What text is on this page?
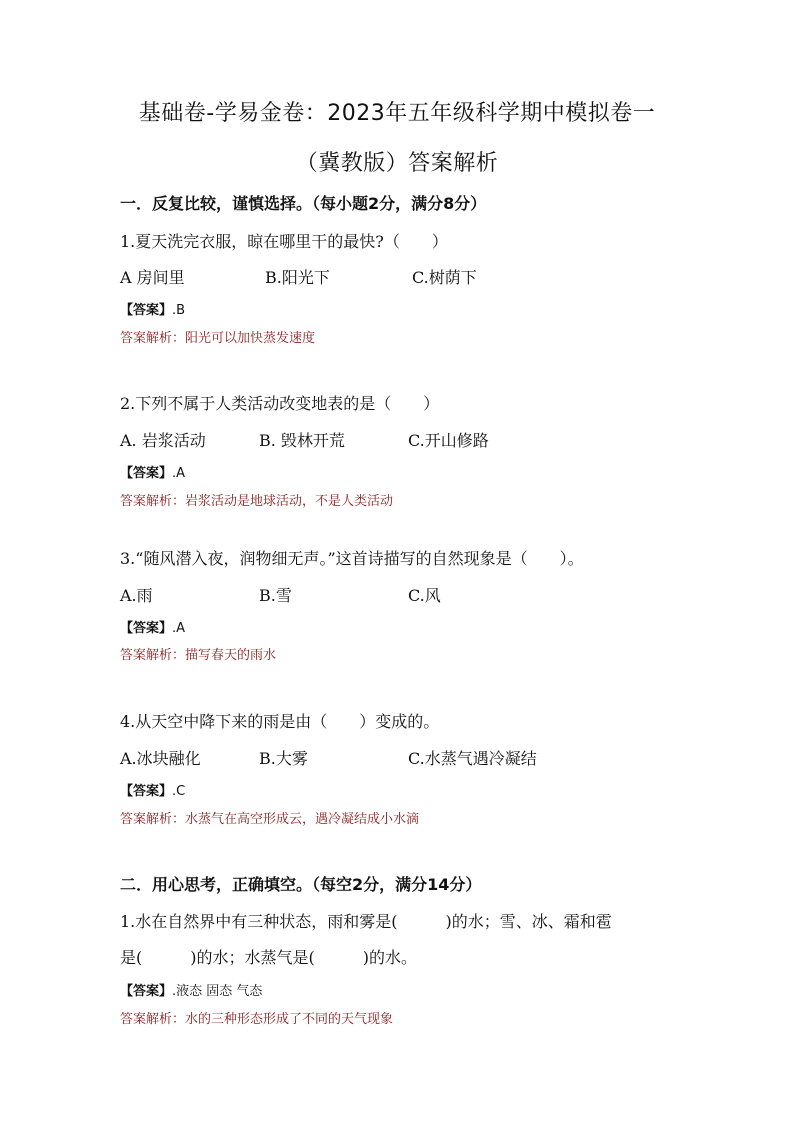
基础卷-学易金卷：2023年五年级科学期中模拟卷一
（冀教版）答案解析
一．反复比较，谨慎选择。（每小题2分，满分8分）
1.夏天洗完衣服，晾在哪里干的最快?（　　）
A 房间里	B.阳光下	C.树荫下
【答案】.B
答案解析：阳光可以加快蒸发速度
2.下列不属于人类活动改变地表的是（　　）
A. 岩浆活动	B. 毁林开荒	C.开山修路
【答案】.A
答案解析：岩浆活动是地球活动，不是人类活动
3.“随风潜入夜，润物细无声。”这首诗描写的自然现象是（　　）。
A.雨	B.雪	C.风
【答案】.A
答案解析：描写春天的雨水
4.从天空中降下来的雨是由（　　）变成的。
A.冰块融化	B.大雾	C.水蒸气遇冷凝结
【答案】.C
答案解析：水蒸气在高空形成云，遇冷凝结成小水滴
二．用心思考，正确填空。（每空2分，满分14分）
1.水在自然界中有三种状态，雨和雾是(　　　)的水；雪、冰、霜和雹
是(　　　)的水；水蒸气是(　　　)的水。
【答案】.液态 固态 气态
答案解析：水的三种形态形成了不同的天气现象
